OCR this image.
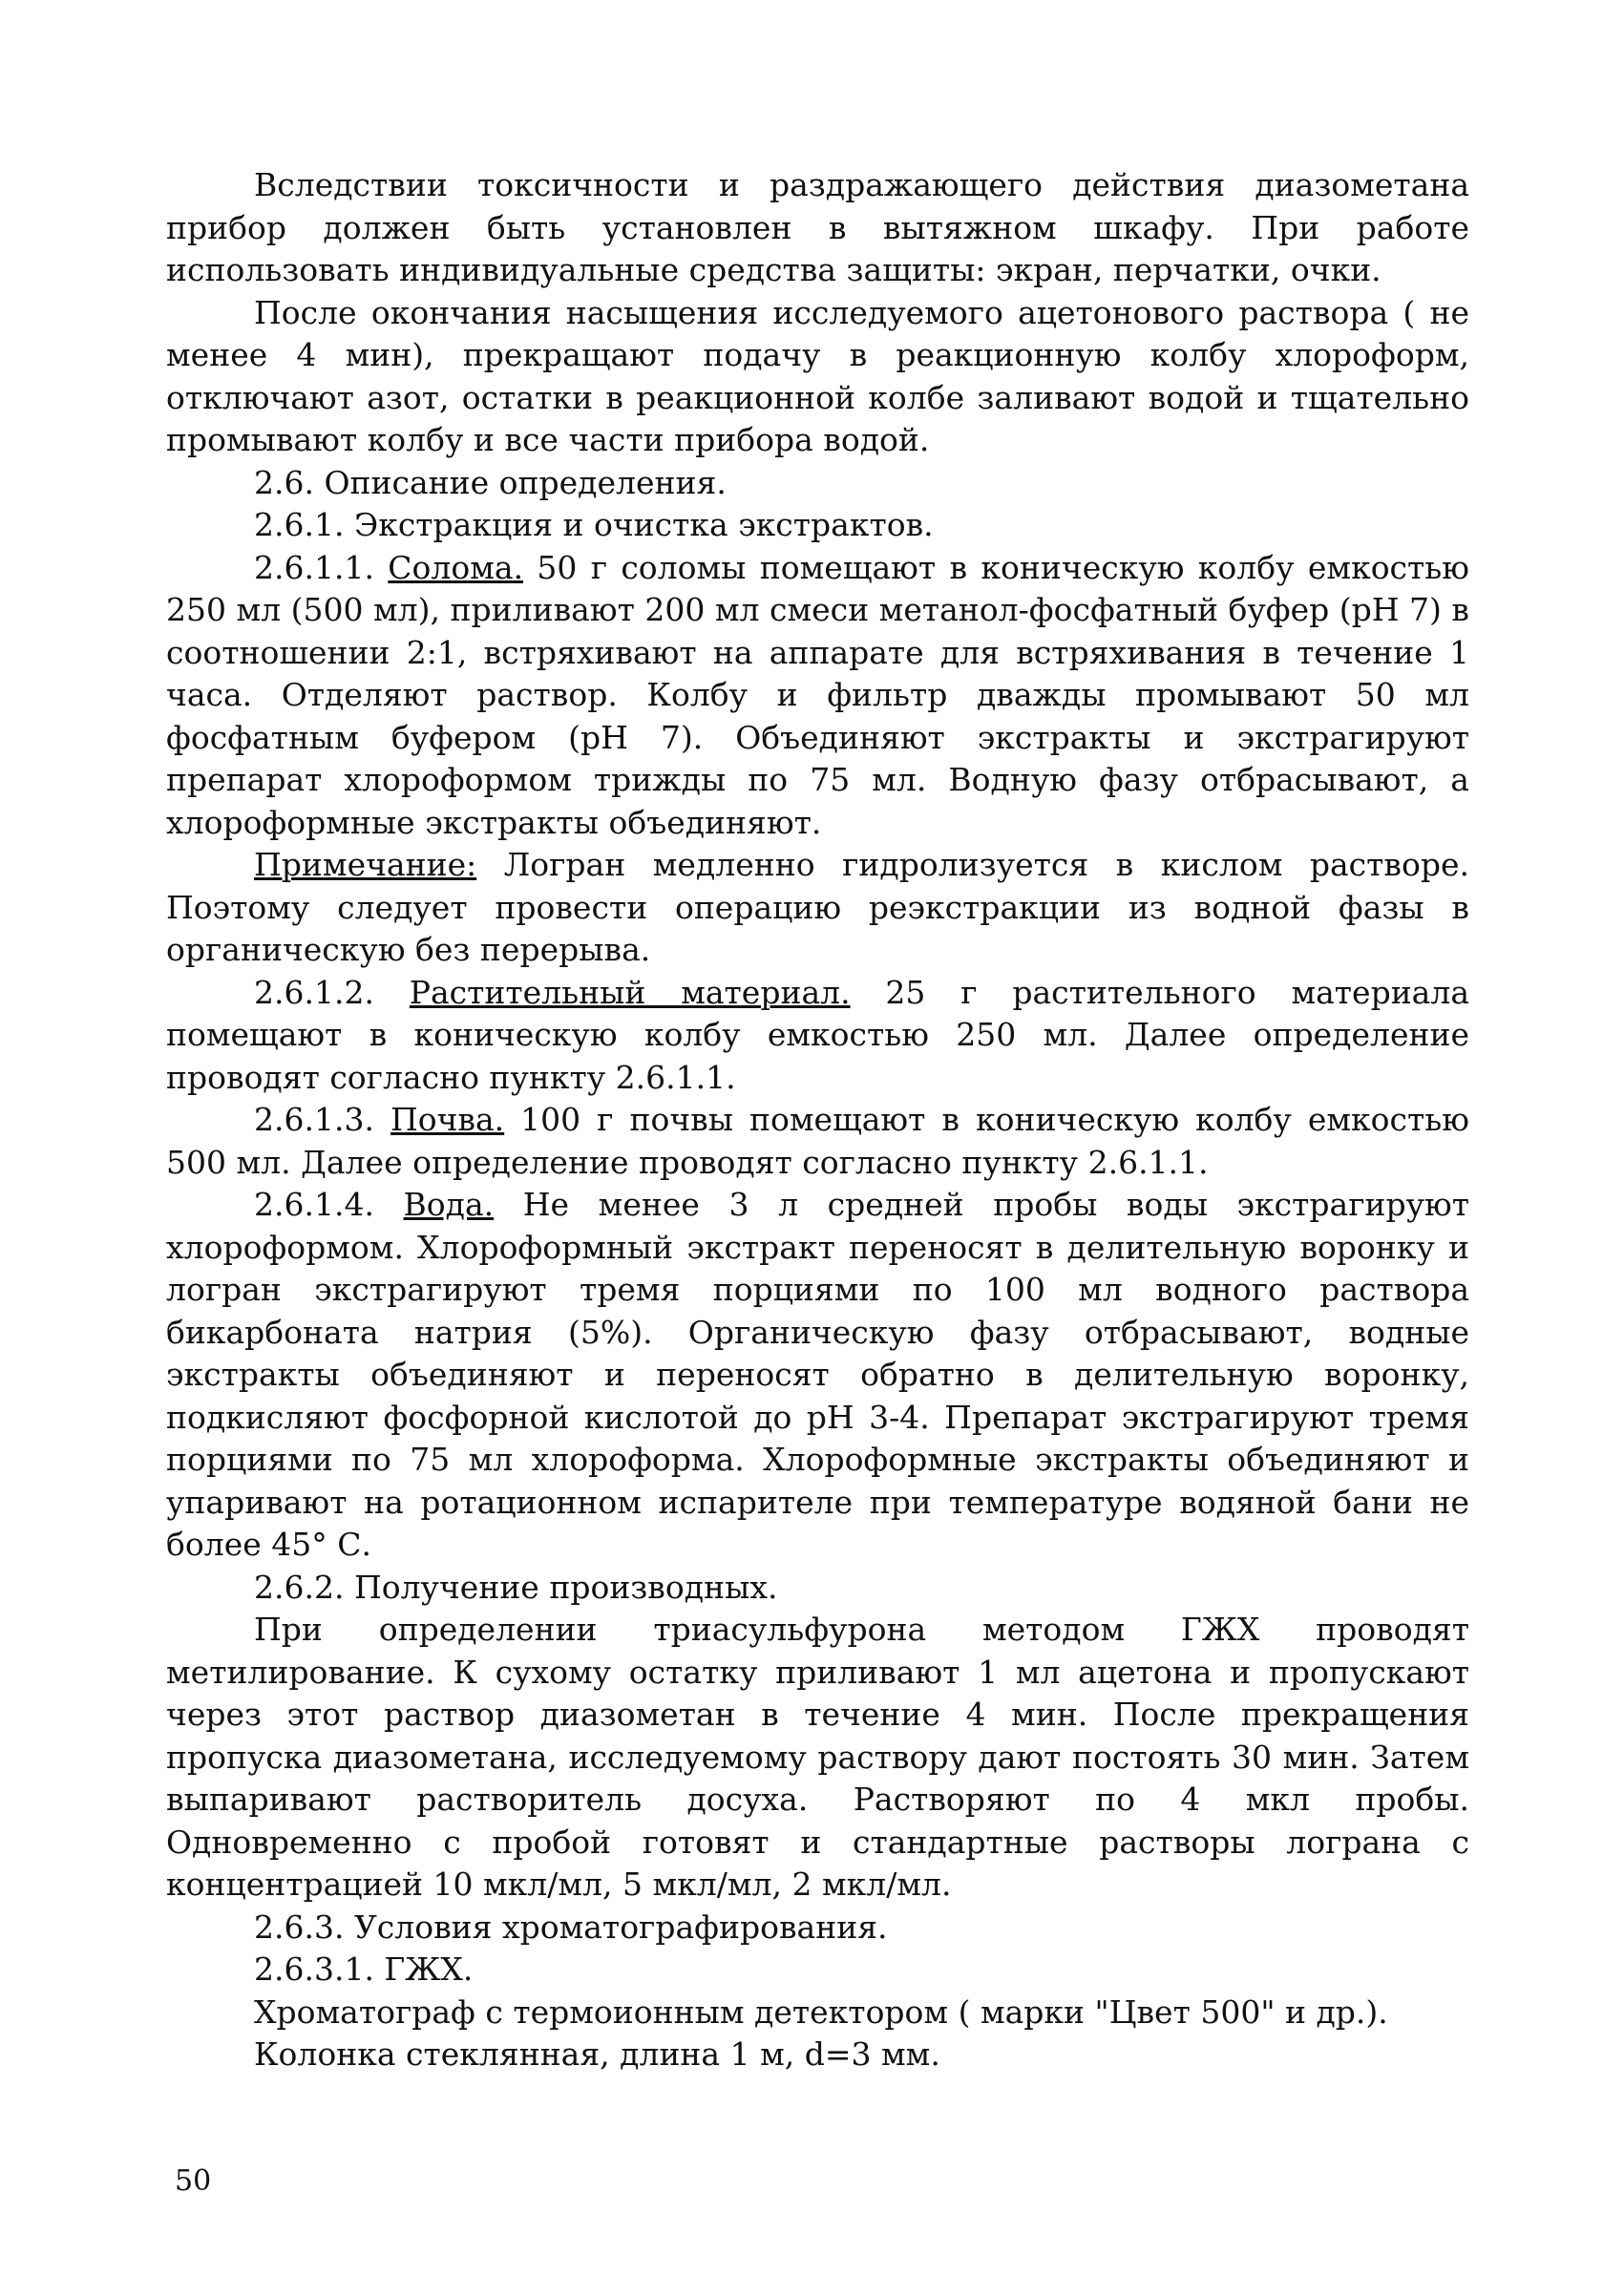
Вследствии токсичности и раздражающего действия диазометана прибор должен быть установлен в вытяжном шкафу. При работе использовать индивидуальные средства защиты: экран, перчатки, очки.

После окончания насыщения исследуемого ацетонового раствора ( не менее 4 мин), прекращают подачу в реакционную колбу хлороформ, отключают азот, остатки в реакционной колбе заливают водой и тщательно промывают колбу и все части прибора водой.

2.6. Описание определения.

2.6.1. Экстракция и очистка экстрактов.

2.6.1.1. Солома. 50 г соломы помещают в коническую колбу емкостью 250 мл (500 мл), приливают 200 мл смеси метанол-фосфатный буфер (рН 7) в соотношении 2:1, встряхивают на аппарате для встряхивания в течение 1 часа. Отделяют раствор. Колбу и фильтр дважды промывают 50 мл фосфатным буфером (рН 7). Объединяют экстракты и экстрагируют препарат хлороформом трижды по 75 мл. Водную фазу отбрасывают, а хлороформные экстракты объединяют.

Примечание: Логран медленно гидролизуется в кислом растворе. Поэтому следует провести операцию реэкстракции из водной фазы в органическую без перерыва.

2.6.1.2. Растительный материал. 25 г растительного материала помещают в коническую колбу емкостью 250 мл. Далее определение проводят согласно пункту 2.6.1.1.

2.6.1.3. Почва. 100 г почвы помещают в коническую колбу емкостью 500 мл. Далее определение проводят согласно пункту 2.6.1.1.

2.6.1.4. Вода. Не менее 3 л средней пробы воды экстрагируют хлороформом. Хлороформный экстракт переносят в делительную воронку и логран экстрагируют тремя порциями по 100 мл водного раствора бикарбоната натрия (5%). Органическую фазу отбрасывают, водные экстракты объединяют и переносят обратно в делительную воронку, подкисляют фосфорной кислотой до рН 3-4. Препарат экстрагируют тремя порциями по 75 мл хлороформа. Хлороформные экстракты объединяют и упаривают на ротационном испарителе при температуре водяной бани не более 45° С.

2.6.2. Получение производных.

При определении триасульфурона методом ГЖХ проводят метилирование. К сухому остатку приливают 1 мл ацетона и пропускают через этот раствор диазометан в течение 4 мин. После прекращения пропуска диазометана, исследуемому раствору дают постоять 30 мин. Затем выпаривают растворитель досуха. Растворяют по 4 мкл пробы. Одновременно с пробой готовят и стандартные растворы лограна с концентрацией 10 мкл/мл, 5 мкл/мл, 2 мкл/мл.

2.6.3. Условия хроматографирования.

2.6.3.1. ГЖХ.

Хроматограф с термоионным детектором ( марки "Цвет 500" и др.).

Колонка стеклянная, длина 1 м, d=3 мм.

50
